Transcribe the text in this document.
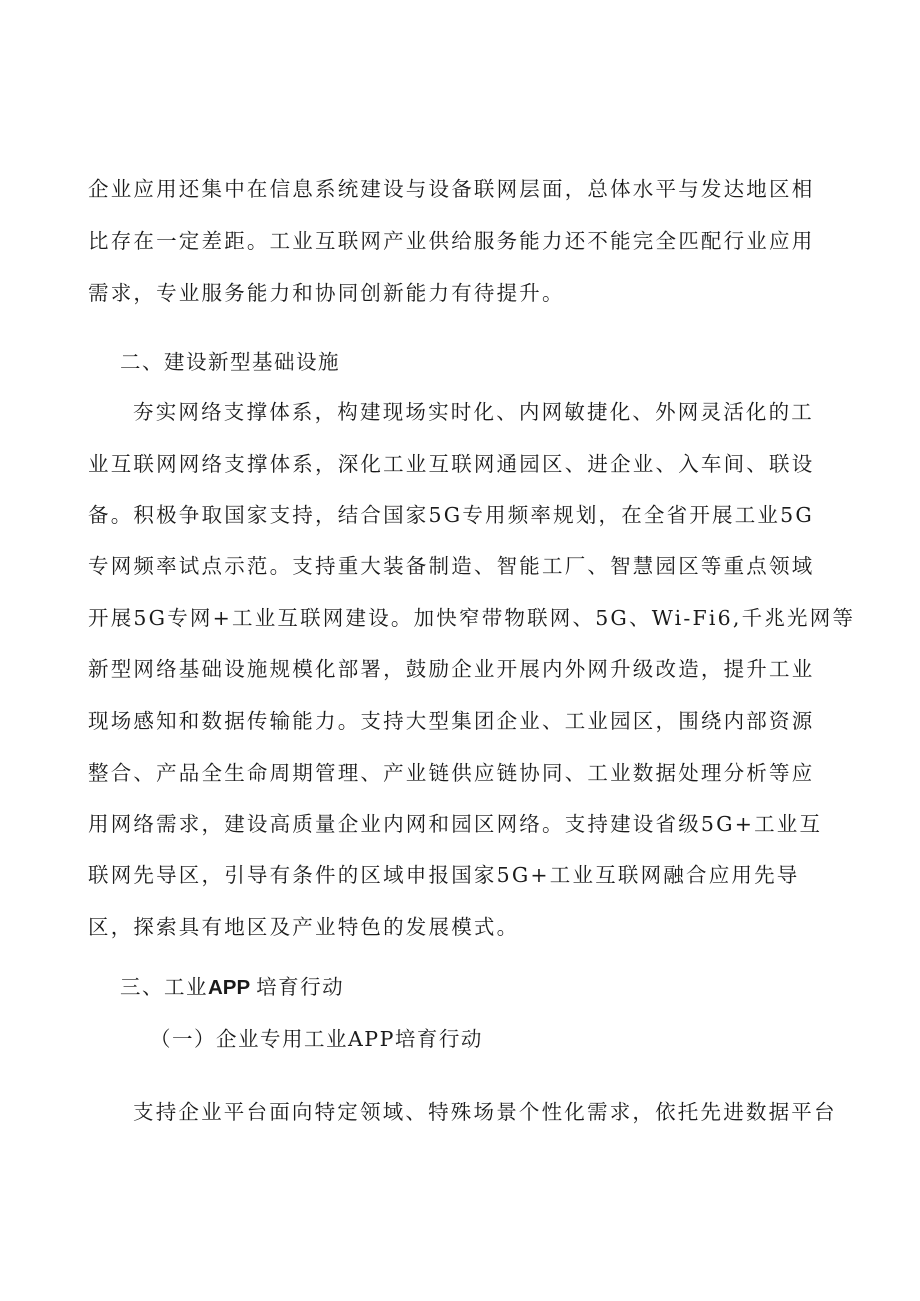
企业应用还集中在信息系统建设与设备联网层面，总体水平与发达地区相
比存在一定差距。工业互联网产业供给服务能力还不能完全匹配行业应用
需求，专业服务能力和协同创新能力有待提升。
二、建设新型基础设施
夯实网络支撑体系，构建现场实时化、内网敏捷化、外网灵活化的工
业互联网网络支撑体系，深化工业互联网通园区、进企业、入车间、联设
备。积极争取国家支持，结合国家5G专用频率规划，在全省开展工业5G
专网频率试点示范。支持重大装备制造、智能工厂、智慧园区等重点领域
开展5G专网+工业互联网建设。加快窄带物联网、5G、Wi-Fi6,千兆光网等
新型网络基础设施规模化部署，鼓励企业开展内外网升级改造，提升工业
现场感知和数据传输能力。支持大型集团企业、工业园区，围绕内部资源
整合、产品全生命周期管理、产业链供应链协同、工业数据处理分析等应
用网络需求，建设高质量企业内网和园区网络。支持建设省级5G+工业互
联网先导区，引导有条件的区域申报国家5G+工业互联网融合应用先导
区，探索具有地区及产业特色的发展模式。
三、工业APP 培育行动
（一）企业专用工业APP培育行动
支持企业平台面向特定领域、特殊场景个性化需求，依托先进数据平台
